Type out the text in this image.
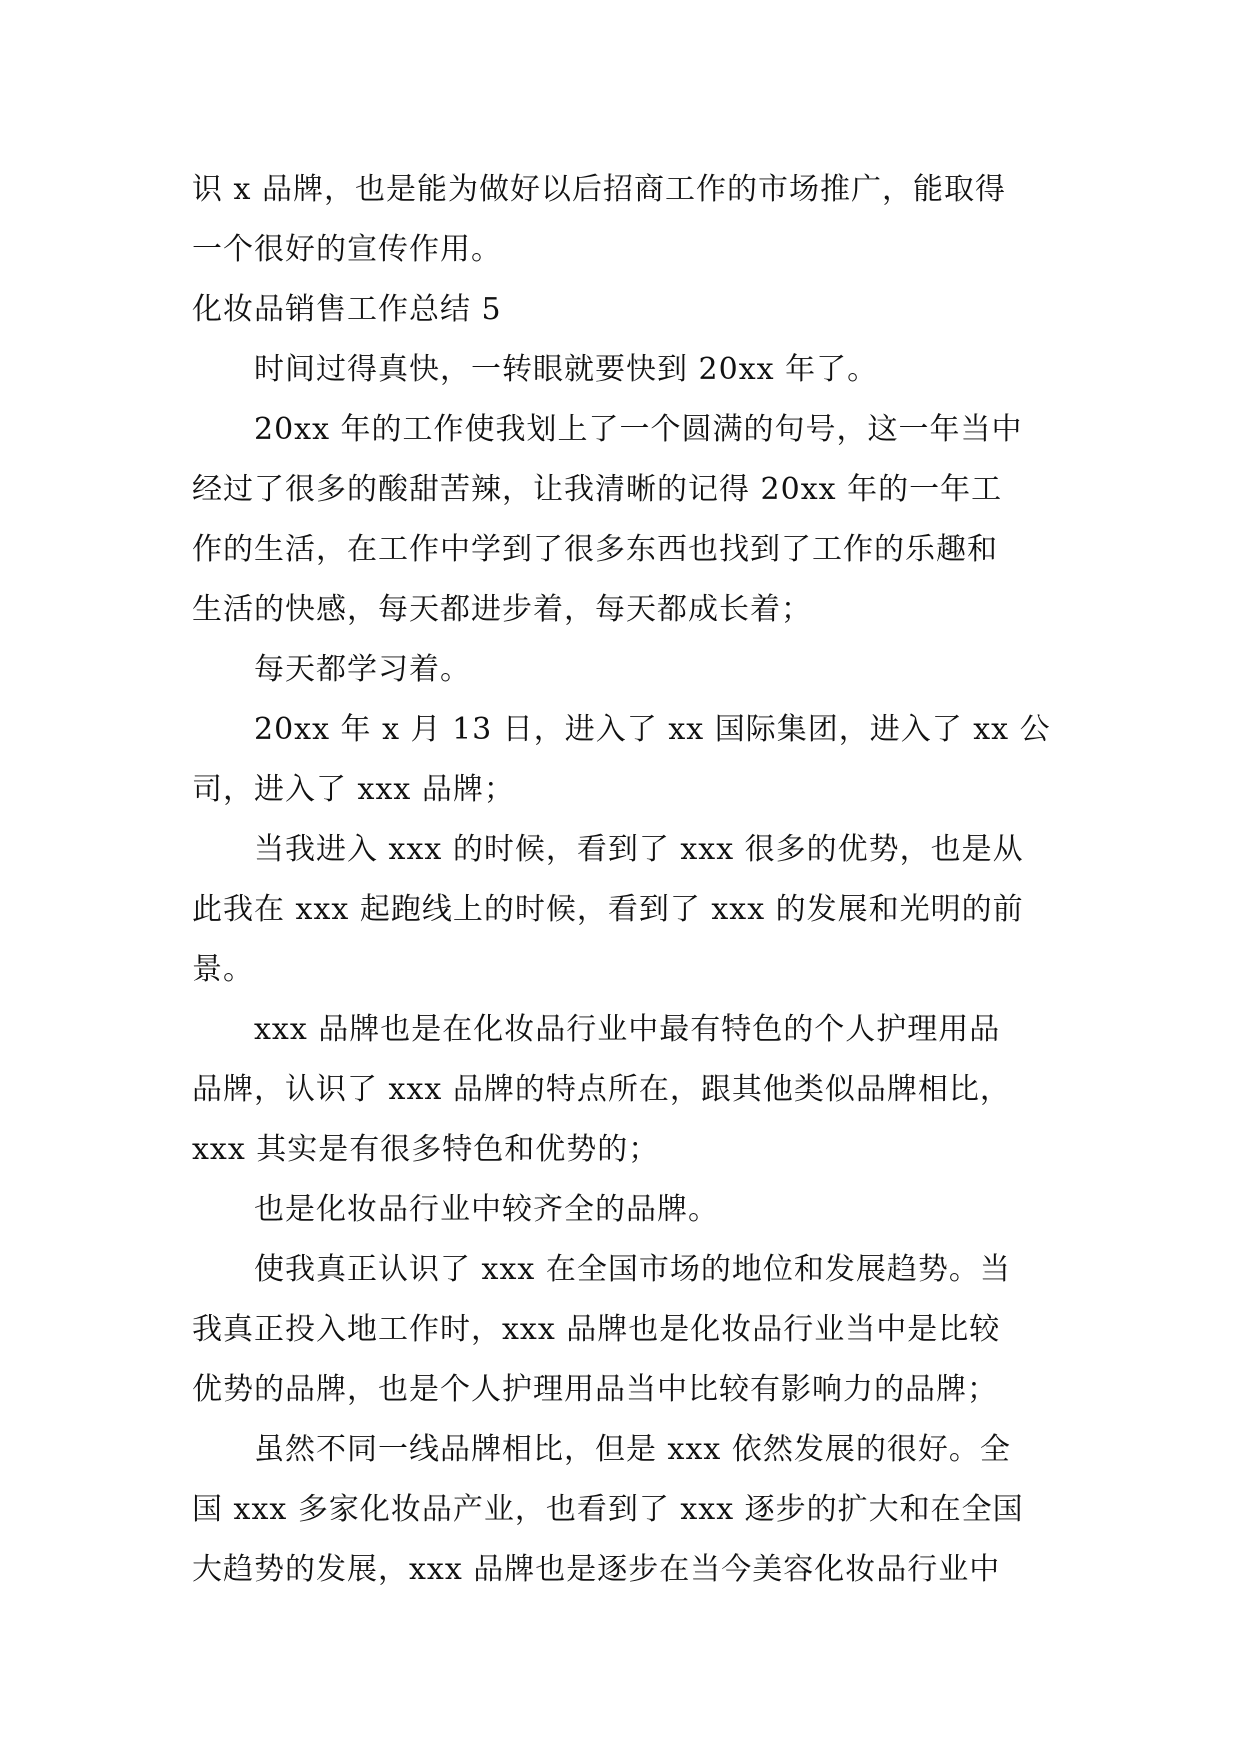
识 x 品牌，也是能为做好以后招商工作的市场推广，能取得
一个很好的宣传作用。
化妆品销售工作总结 5
时间过得真快，一转眼就要快到 20xx 年了。
20xx 年的工作使我划上了一个圆满的句号，这一年当中
经过了很多的酸甜苦辣，让我清晰的记得 20xx 年的一年工
作的生活，在工作中学到了很多东西也找到了工作的乐趣和
生活的快感，每天都进步着，每天都成长着；
每天都学习着。
20xx 年 x 月 13 日，进入了 xx 国际集团，进入了 xx 公
司，进入了 xxx 品牌；
当我进入 xxx 的时候，看到了 xxx 很多的优势，也是从
此我在 xxx 起跑线上的时候，看到了 xxx 的发展和光明的前
景。
xxx 品牌也是在化妆品行业中最有特色的个人护理用品
品牌，认识了 xxx 品牌的特点所在，跟其他类似品牌相比，
xxx 其实是有很多特色和优势的；
也是化妆品行业中较齐全的品牌。
使我真正认识了 xxx 在全国市场的地位和发展趋势。当
我真正投入地工作时，xxx 品牌也是化妆品行业当中是比较
优势的品牌，也是个人护理用品当中比较有影响力的品牌；
虽然不同一线品牌相比，但是 xxx 依然发展的很好。全
国 xxx 多家化妆品产业，也看到了 xxx 逐步的扩大和在全国
大趋势的发展，xxx 品牌也是逐步在当今美容化妆品行业中
